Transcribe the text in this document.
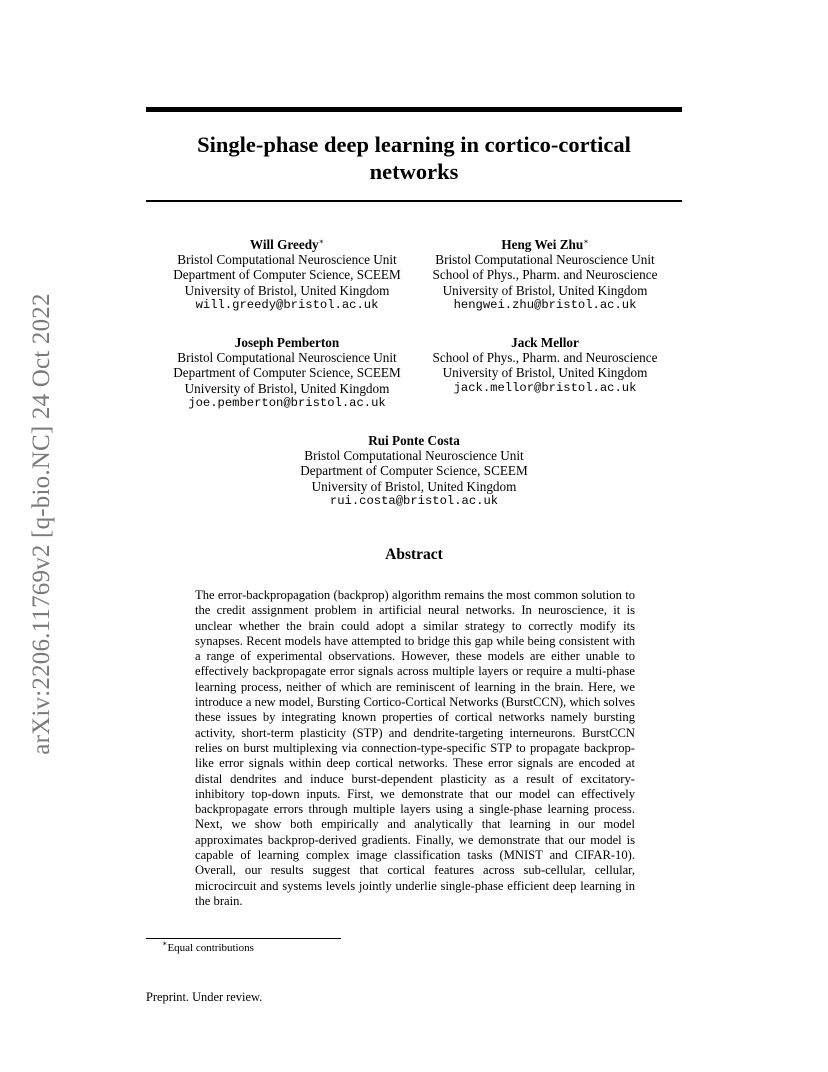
arXiv:2206.11769v2 [q-bio.NC] 24 Oct 2022
Single-phase deep learning in cortico-cortical
networks
Will Greedy∗
Bristol Computational Neuroscience Unit
Department of Computer Science, SCEEM
University of Bristol, United Kingdom
will.greedy@bristol.ac.uk
Heng Wei Zhu∗
Bristol Computational Neuroscience Unit
School of Phys., Pharm. and Neuroscience
University of Bristol, United Kingdom
hengwei.zhu@bristol.ac.uk
Joseph Pemberton
Bristol Computational Neuroscience Unit
Department of Computer Science, SCEEM
University of Bristol, United Kingdom
joe.pemberton@bristol.ac.uk
Jack Mellor
School of Phys., Pharm. and Neuroscience
University of Bristol, United Kingdom
jack.mellor@bristol.ac.uk
Rui Ponte Costa
Bristol Computational Neuroscience Unit
Department of Computer Science, SCEEM
University of Bristol, United Kingdom
rui.costa@bristol.ac.uk
Abstract
The error-backpropagation (backprop) algorithm remains the most common solution to the credit assignment problem in artificial neural networks. In neuroscience, it is unclear whether the brain could adopt a similar strategy to correctly modify its synapses. Recent models have attempted to bridge this gap while being consistent with a range of experimental observations. However, these models are either unable to effectively backpropagate error signals across multiple layers or require a multi-phase learning process, neither of which are reminiscent of learning in the brain. Here, we introduce a new model, Bursting Cortico-Cortical Networks (BurstCCN), which solves these issues by integrating known properties of cortical networks namely bursting activity, short-term plasticity (STP) and dendrite-targeting interneurons. BurstCCN relies on burst multiplexing via connection-type-specific STP to propagate backprop-like error signals within deep cortical networks. These error signals are encoded at distal dendrites and induce burst-dependent plasticity as a result of excitatory-inhibitory top-down inputs. First, we demonstrate that our model can effectively backpropagate errors through multiple layers using a single-phase learning process. Next, we show both empirically and analytically that learning in our model approximates backprop-derived gradients. Finally, we demonstrate that our model is capable of learning complex image classification tasks (MNIST and CIFAR-10). Overall, our results suggest that cortical features across sub-cellular, cellular, microcircuit and systems levels jointly underlie single-phase efficient deep learning in the brain.
∗Equal contributions
Preprint. Under review.
